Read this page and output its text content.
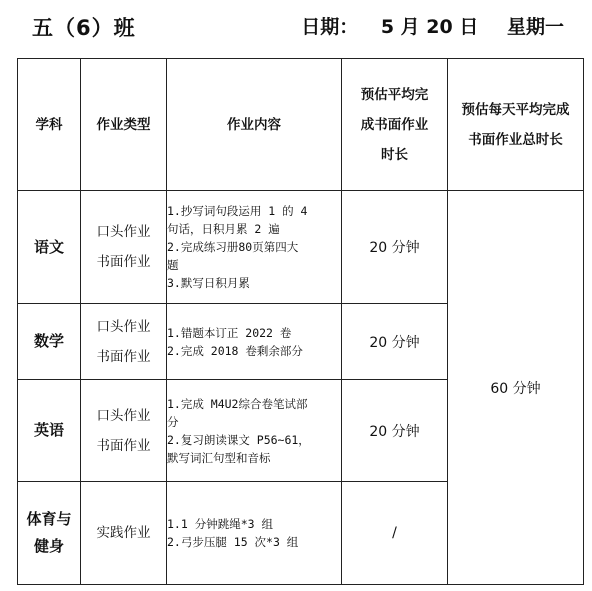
五（6）班	日期： 5 月 20 日 星期一
学科	作业类型	作业内容	预估平均完
成书面作业
时长	预估每天平均完成
书面作业总时长

语文	口头作业
书面作业	1.抄写词句段运用 1 的 4
句话，日积月累 2 遍
2.完成练习册80页第四大
题
3.默写日积月累	20 分钟	60 分钟

数学	口头作业
书面作业	1.错题本订正 2022 卷
2.完成 2018 卷剩余部分	20 分钟	

英语	口头作业
书面作业	1.完成 M4U2综合卷笔试部
分
2.复习朗读课文 P56~61，
默写词汇句型和音标	20 分钟	

体育与
健身	实践作业	1.1 分钟跳绳*3 组
2.弓步压腿 15 次*3 组	/	
